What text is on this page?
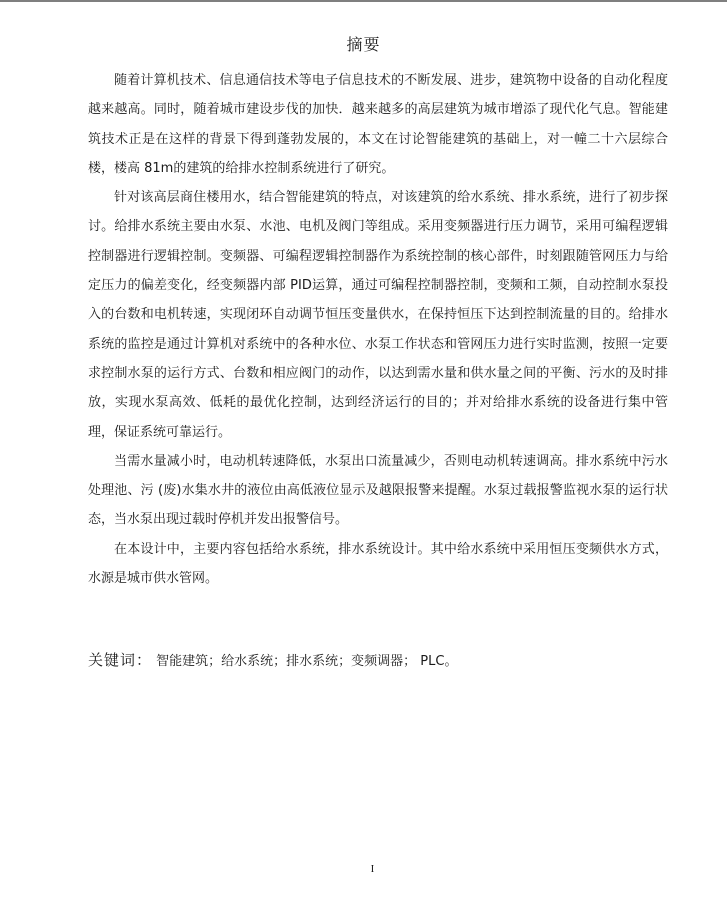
摘要

随着计算机技术、信息通信技术等电子信息技术的不断发展、进步，建筑物中设备的自动化程度越来越高。同时，随着城市建设步伐的加快．越来越多的高层建筑为城市增添了现代化气息。智能建筑技术正是在这样的背景下得到蓬勃发展的，本文在讨论智能建筑的基础上，对一幢二十六层综合楼，楼高 81m的建筑的给排水控制系统进行了研究。

针对该高层商住楼用水，结合智能建筑的特点，对该建筑的给水系统、排水系统，进行了初步探讨。给排水系统主要由水泵、水池、电机及阀门等组成。采用变频器进行压力调节，采用可编程逻辑控制器进行逻辑控制。变频器、可编程逻辑控制器作为系统控制的核心部件，时刻跟随管网压力与给定压力的偏差变化，经变频器内部 PID运算，通过可编程控制器控制，变频和工频，自动控制水泵投入的台数和电机转速，实现闭环自动调节恒压变量供水，在保持恒压下达到控制流量的目的。给排水系统的监控是通过计算机对系统中的各种水位、水泵工作状态和管网压力进行实时监测，按照一定要求控制水泵的运行方式、台数和相应阀门的动作，以达到需水量和供水量之间的平衡、污水的及时排放，实现水泵高效、低耗的最优化控制，达到经济运行的目的；并对给排水系统的设备进行集中管理，保证系统可靠运行。

当需水量减小时，电动机转速降低，水泵出口流量减少，否则电动机转速调高。排水系统中污水处理池、污 (废)水集水井的液位由高低液位显示及越限报警来提醒。水泵过载报警监视水泵的运行状态，当水泵出现过载时停机并发出报警信号。

在本设计中，主要内容包括给水系统，排水系统设计。其中给水系统中采用恒压变频供水方式，水源是城市供水管网。

关键词： 智能建筑；给水系统；排水系统；变频调器； PLC。
I
